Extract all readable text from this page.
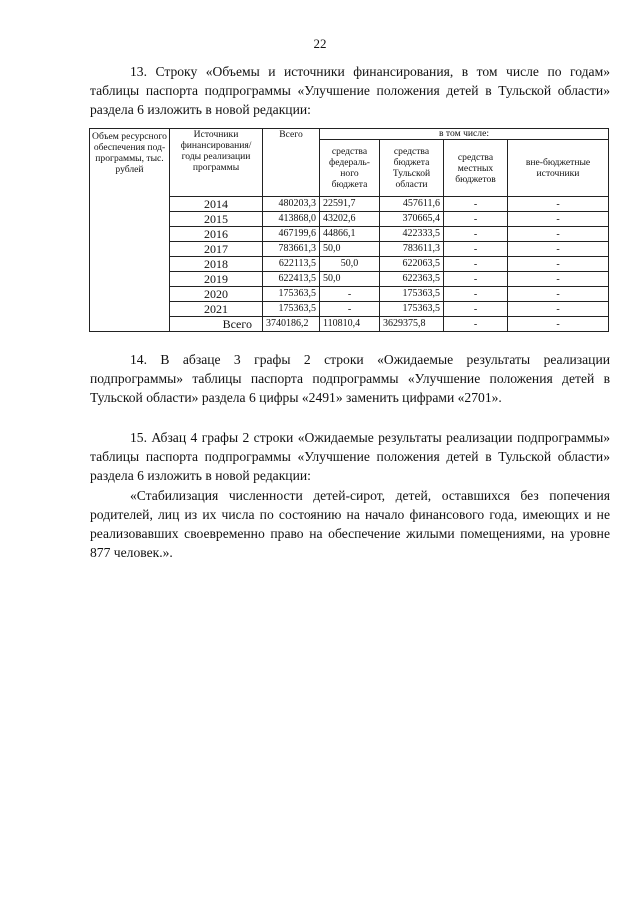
22

13. Строку «Объемы и источники финансирования, в том числе по годам» таблицы паспорта подпрограммы «Улучшение положения детей в Тульской области» раздела 6 изложить в новой редакции:

Объем ресурсного обеспечения под-программы, тыс. рублей	Источники финансирования/ годы реализации программы	Всего	в том числе:			
			средства федераль-ного бюджета	средства бюджета Тульской области	средства местных бюджетов	вне-бюджетные источники
	2014	480203,3	22591,7	457611,6	-	-
	2015	413868,0	43202,6	370665,4	-	-
	2016	467199,6	44866,1	422333,5	-	-
	2017	783661,3	50,0	783611,3	-	-
	2018	622113,5	50,0	622063,5	-	-
	2019	622413,5	50,0	622363,5	-	-
	2020	175363,5	-	175363,5	-	-
	2021	175363,5	-	175363,5	-	-
	Всего	3740186,2	110810,4	3629375,8	-	-

14. В абзаце 3 графы 2 строки «Ожидаемые результаты реализации подпрограммы» таблицы паспорта подпрограммы «Улучшение положения детей в Тульской области» раздела 6 цифры «2491» заменить цифрами «2701».

15. Абзац 4 графы 2 строки «Ожидаемые результаты реализации подпрограммы» таблицы паспорта подпрограммы «Улучшение положения детей в Тульской области» раздела 6 изложить в новой редакции:

«Стабилизация численности детей-сирот, детей, оставшихся без попечения родителей, лиц из их числа по состоянию на начало финансового года, имеющих и не реализовавших своевременно право на обеспечение жилыми помещениями, на уровне 877 человек.».
